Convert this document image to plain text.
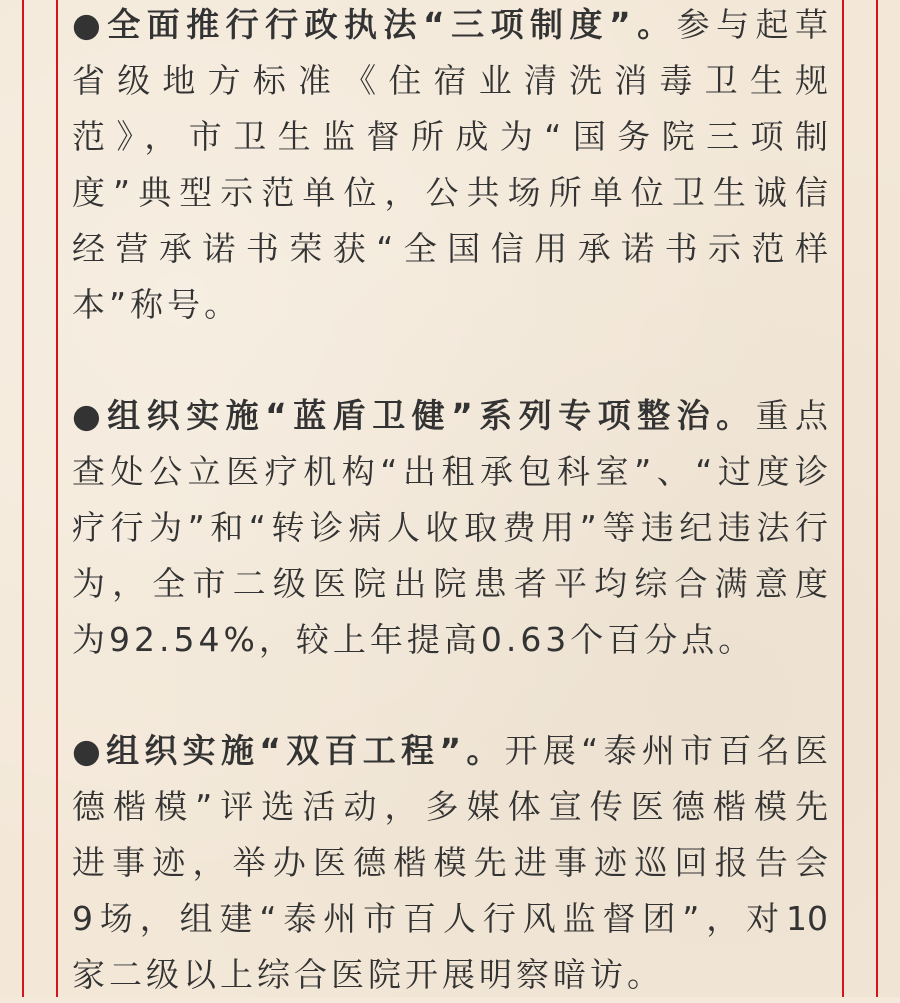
●全面推行行政执法“三项制度”。参与起草
省级地方标准《住宿业清洗消毒卫生规
范》，市卫生监督所成为“国务院三项制
度”典型示范单位，公共场所单位卫生诚信
经营承诺书荣获“全国信用承诺书示范样
本”称号。
●组织实施“蓝盾卫健”系列专项整治。重点
查处公立医疗机构“出租承包科室”、“过度诊
疗行为”和“转诊病人收取费用”等违纪违法行
为，全市二级医院出院患者平均综合满意度
为92.54%，较上年提高0.63个百分点。
●组织实施“双百工程”。开展“泰州市百名医
德楷模”评选活动，多媒体宣传医德楷模先
进事迹，举办医德楷模先进事迹巡回报告会
9场，组建“泰州市百人行风监督团”，对10
家二级以上综合医院开展明察暗访。
